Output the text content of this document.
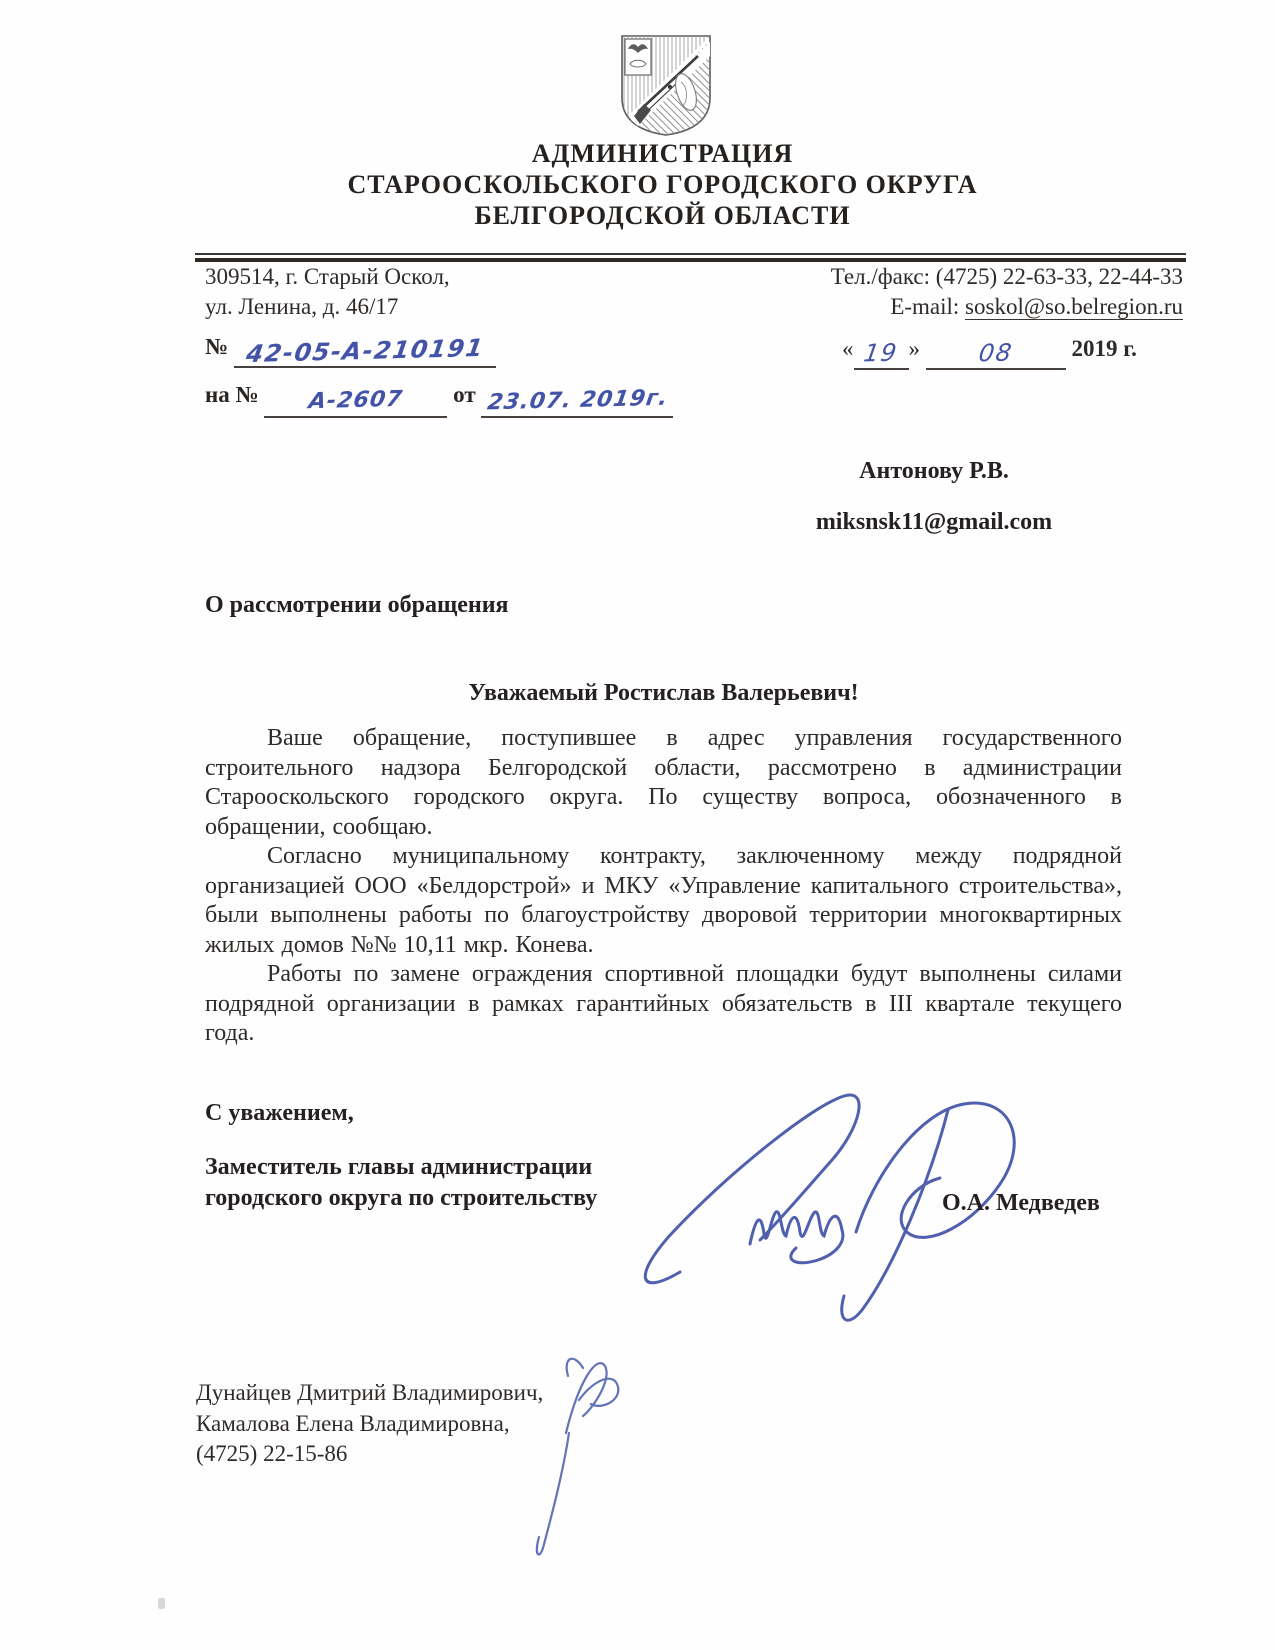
АДМИНИСТРАЦИЯ
СТАРООСКОЛЬСКОГО ГОРОДСКОГО ОКРУГА
БЕЛГОРОДСКОЙ ОБЛАСТИ
309514, г. Старый Оскол,
ул. Ленина, д. 46/17
Тел./факс: (4725) 22-63-33, 22-44-33
E-mail: soskol@so.belregion.ru
№ 42-05-А-210191	« 19 » 08 2019 г.
на № А-2607 от 23.07. 2019г.
Антонову Р.В.
miksnsk11@gmail.com
О рассмотрении обращения
Уважаемый Ростислав Валерьевич!

Ваше обращение, поступившее в адрес управления государственного строительного надзора Белгородской области, рассмотрено в администрации Старооскольского городского округа. По существу вопроса, обозначенного в обращении, сообщаю.

Согласно муниципальному контракту, заключенному между подрядной организацией ООО «Белдорстрой» и МКУ «Управление капитального строительства», были выполнены работы по благоустройству дворовой территории многоквартирных жилых домов №№ 10,11 мкр. Конева.

Работы по замене ограждения спортивной площадки будут выполнены силами подрядной организации в рамках гарантийных обязательств в III квартале текущего года.

С уважением,
Заместитель главы администрации
городского округа по строительству	О.А. Медведев
Дунайцев Дмитрий Владимирович,
Камалова Елена Владимировна,
(4725) 22-15-86
